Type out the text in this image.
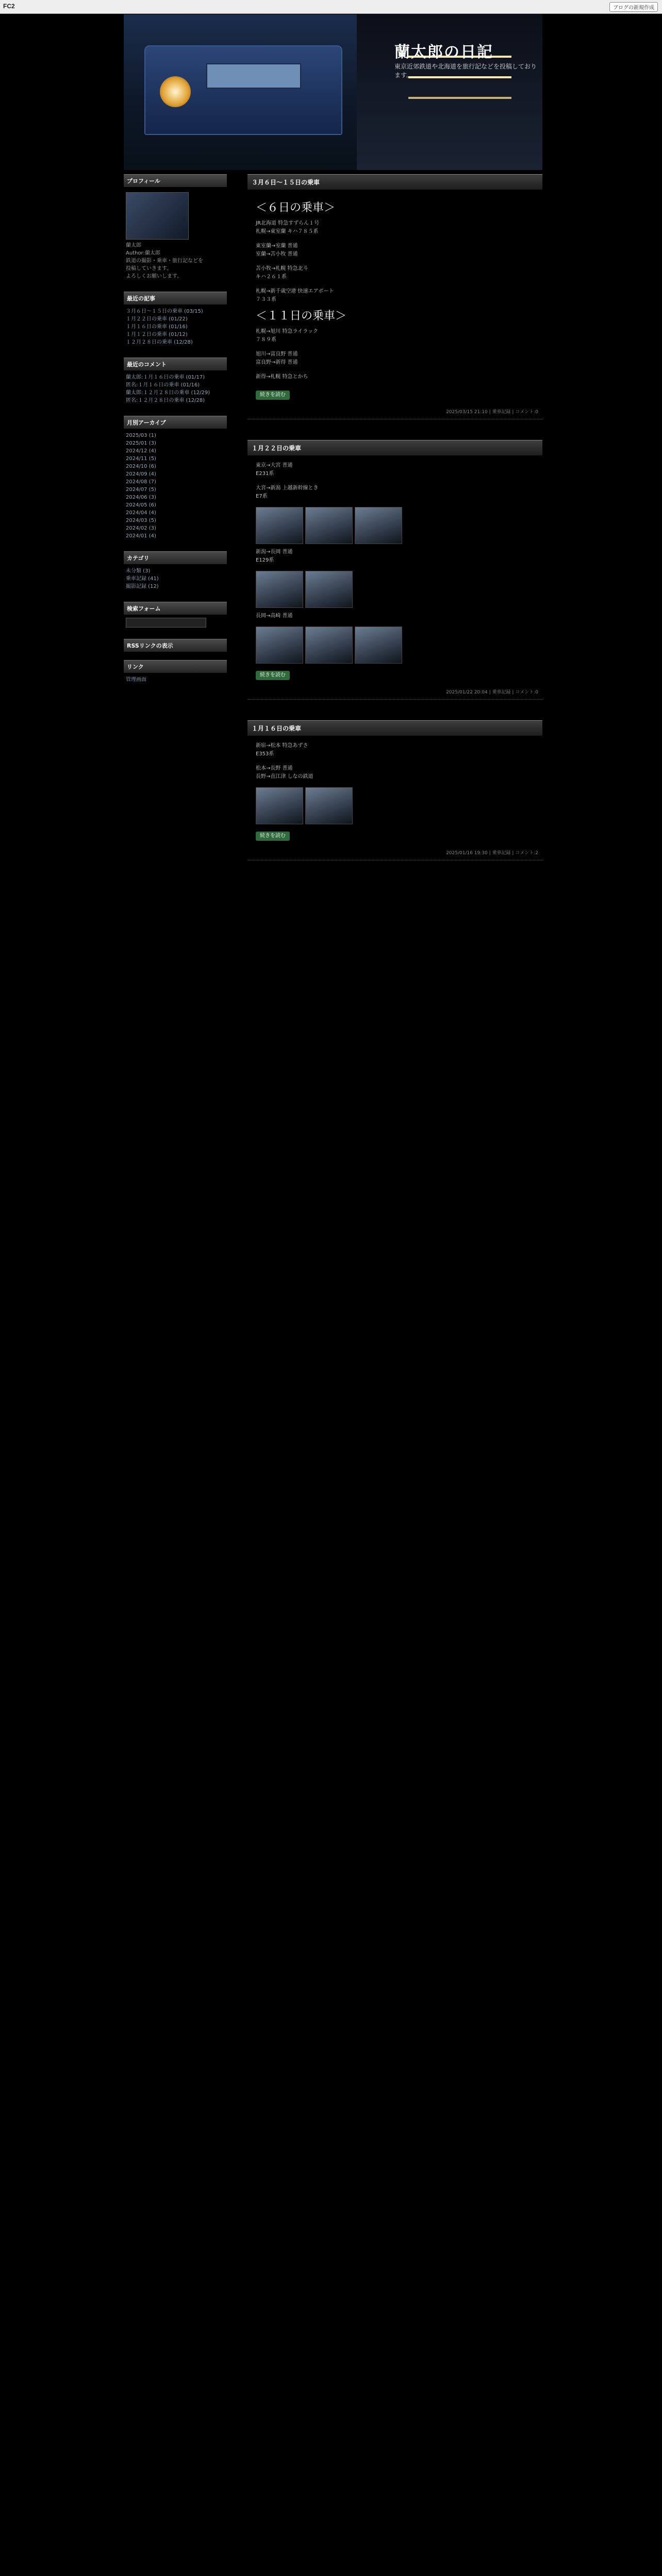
FC2	ブログの新規作成
蘭太郎の日記
東京近郊鉄道や北海道を旅行記などを投稿しております。
プロフィール
蘭太郎
Author:蘭太郎
鉄道の撮影・乗車・旅行記などを
投稿していきます。
よろしくお願いします。
最近の記事
３月６日～１５日の乗車 (03/15)
１月２２日の乗車 (01/22)
１月１６日の乗車 (01/16)
１月１２日の乗車 (01/12)
１２月２８日の乗車 (12/28)
最近のコメント
蘭太郎:１月１６日の乗車 (01/17)
匿名:１月１６日の乗車 (01/16)
蘭太郎:１２月２８日の乗車 (12/29)
匿名:１２月２８日の乗車 (12/28)
月別アーカイブ
2025/03 (1)
2025/01 (3)
2024/12 (4)
2024/11 (5)
2024/10 (6)
2024/09 (4)
2024/08 (7)
2024/07 (5)
2024/06 (3)
2024/05 (6)
2024/04 (4)
2024/03 (5)
2024/02 (3)
2024/01 (4)
カテゴリ
未分類 (3)
乗車記録 (41)
撮影記録 (12)
検索フォーム
RSSリンクの表示
リンク
管理画面
３月６日～１５日の乗車
＜６日の乗車＞

JR北海道 特急すずらん１号
札幌→東室蘭 キハ７８５系

東室蘭→室蘭 普通
室蘭→苫小牧 普通

苫小牧→札幌 特急北斗
キハ２６１系

札幌→新千歳空港 快速エアポート
７３３系

＜１１日の乗車＞

札幌→旭川 特急ライラック
７８９系

旭川→富良野 普通
富良野→新得 普通

新得→札幌 特急とかち

続きを読む
2025/03/15 21:10 | 乗車記録 | コメント:0
１月２２日の乗車

東京→大宮 普通
E231系

大宮→新潟 上越新幹線とき
E7系

新潟→長岡 普通
E129系

長岡→高崎 普通

続きを読む
2025/01/22 20:04 | 乗車記録 | コメント:0
１月１６日の乗車

新宿→松本 特急あずさ
E353系

松本→長野 普通
長野→直江津 しなの鉄道

続きを読む
2025/01/16 19:30 | 乗車記録 | コメント:2
